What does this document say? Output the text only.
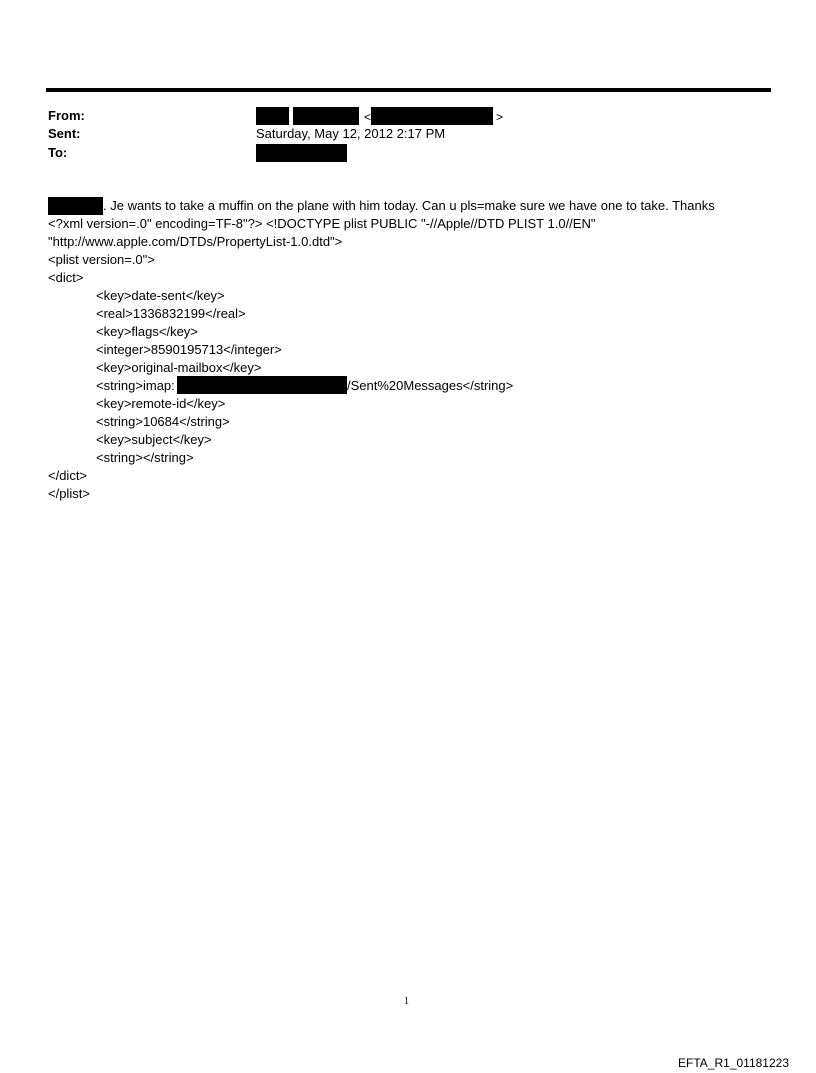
From:
Sent:
To:
<	>
Saturday, May 12, 2012 2:17 PM
. Je wants to take a muffin on the plane with him today. Can u pls=make sure we have one to take. Thanks
<?xml version=.0" encoding=TF-8"?> <!DOCTYPE plist PUBLIC "-//Apple//DTD PLIST 1.0//EN"
"http://www.apple.com/DTDs/PropertyList-1.0.dtd">
<plist version=.0">
<dict>
<key>date-sent</key>
<real>1336832199</real>
<key>flags</key>
<integer>8590195713</integer>
<key>original-mailbox</key>
<string>imap:	/Sent%20Messages</string>
<key>remote-id</key>
<string>10684</string>
<key>subject</key>
<string></string>
</dict>
</plist>
1
EFTA_R1_01181223
